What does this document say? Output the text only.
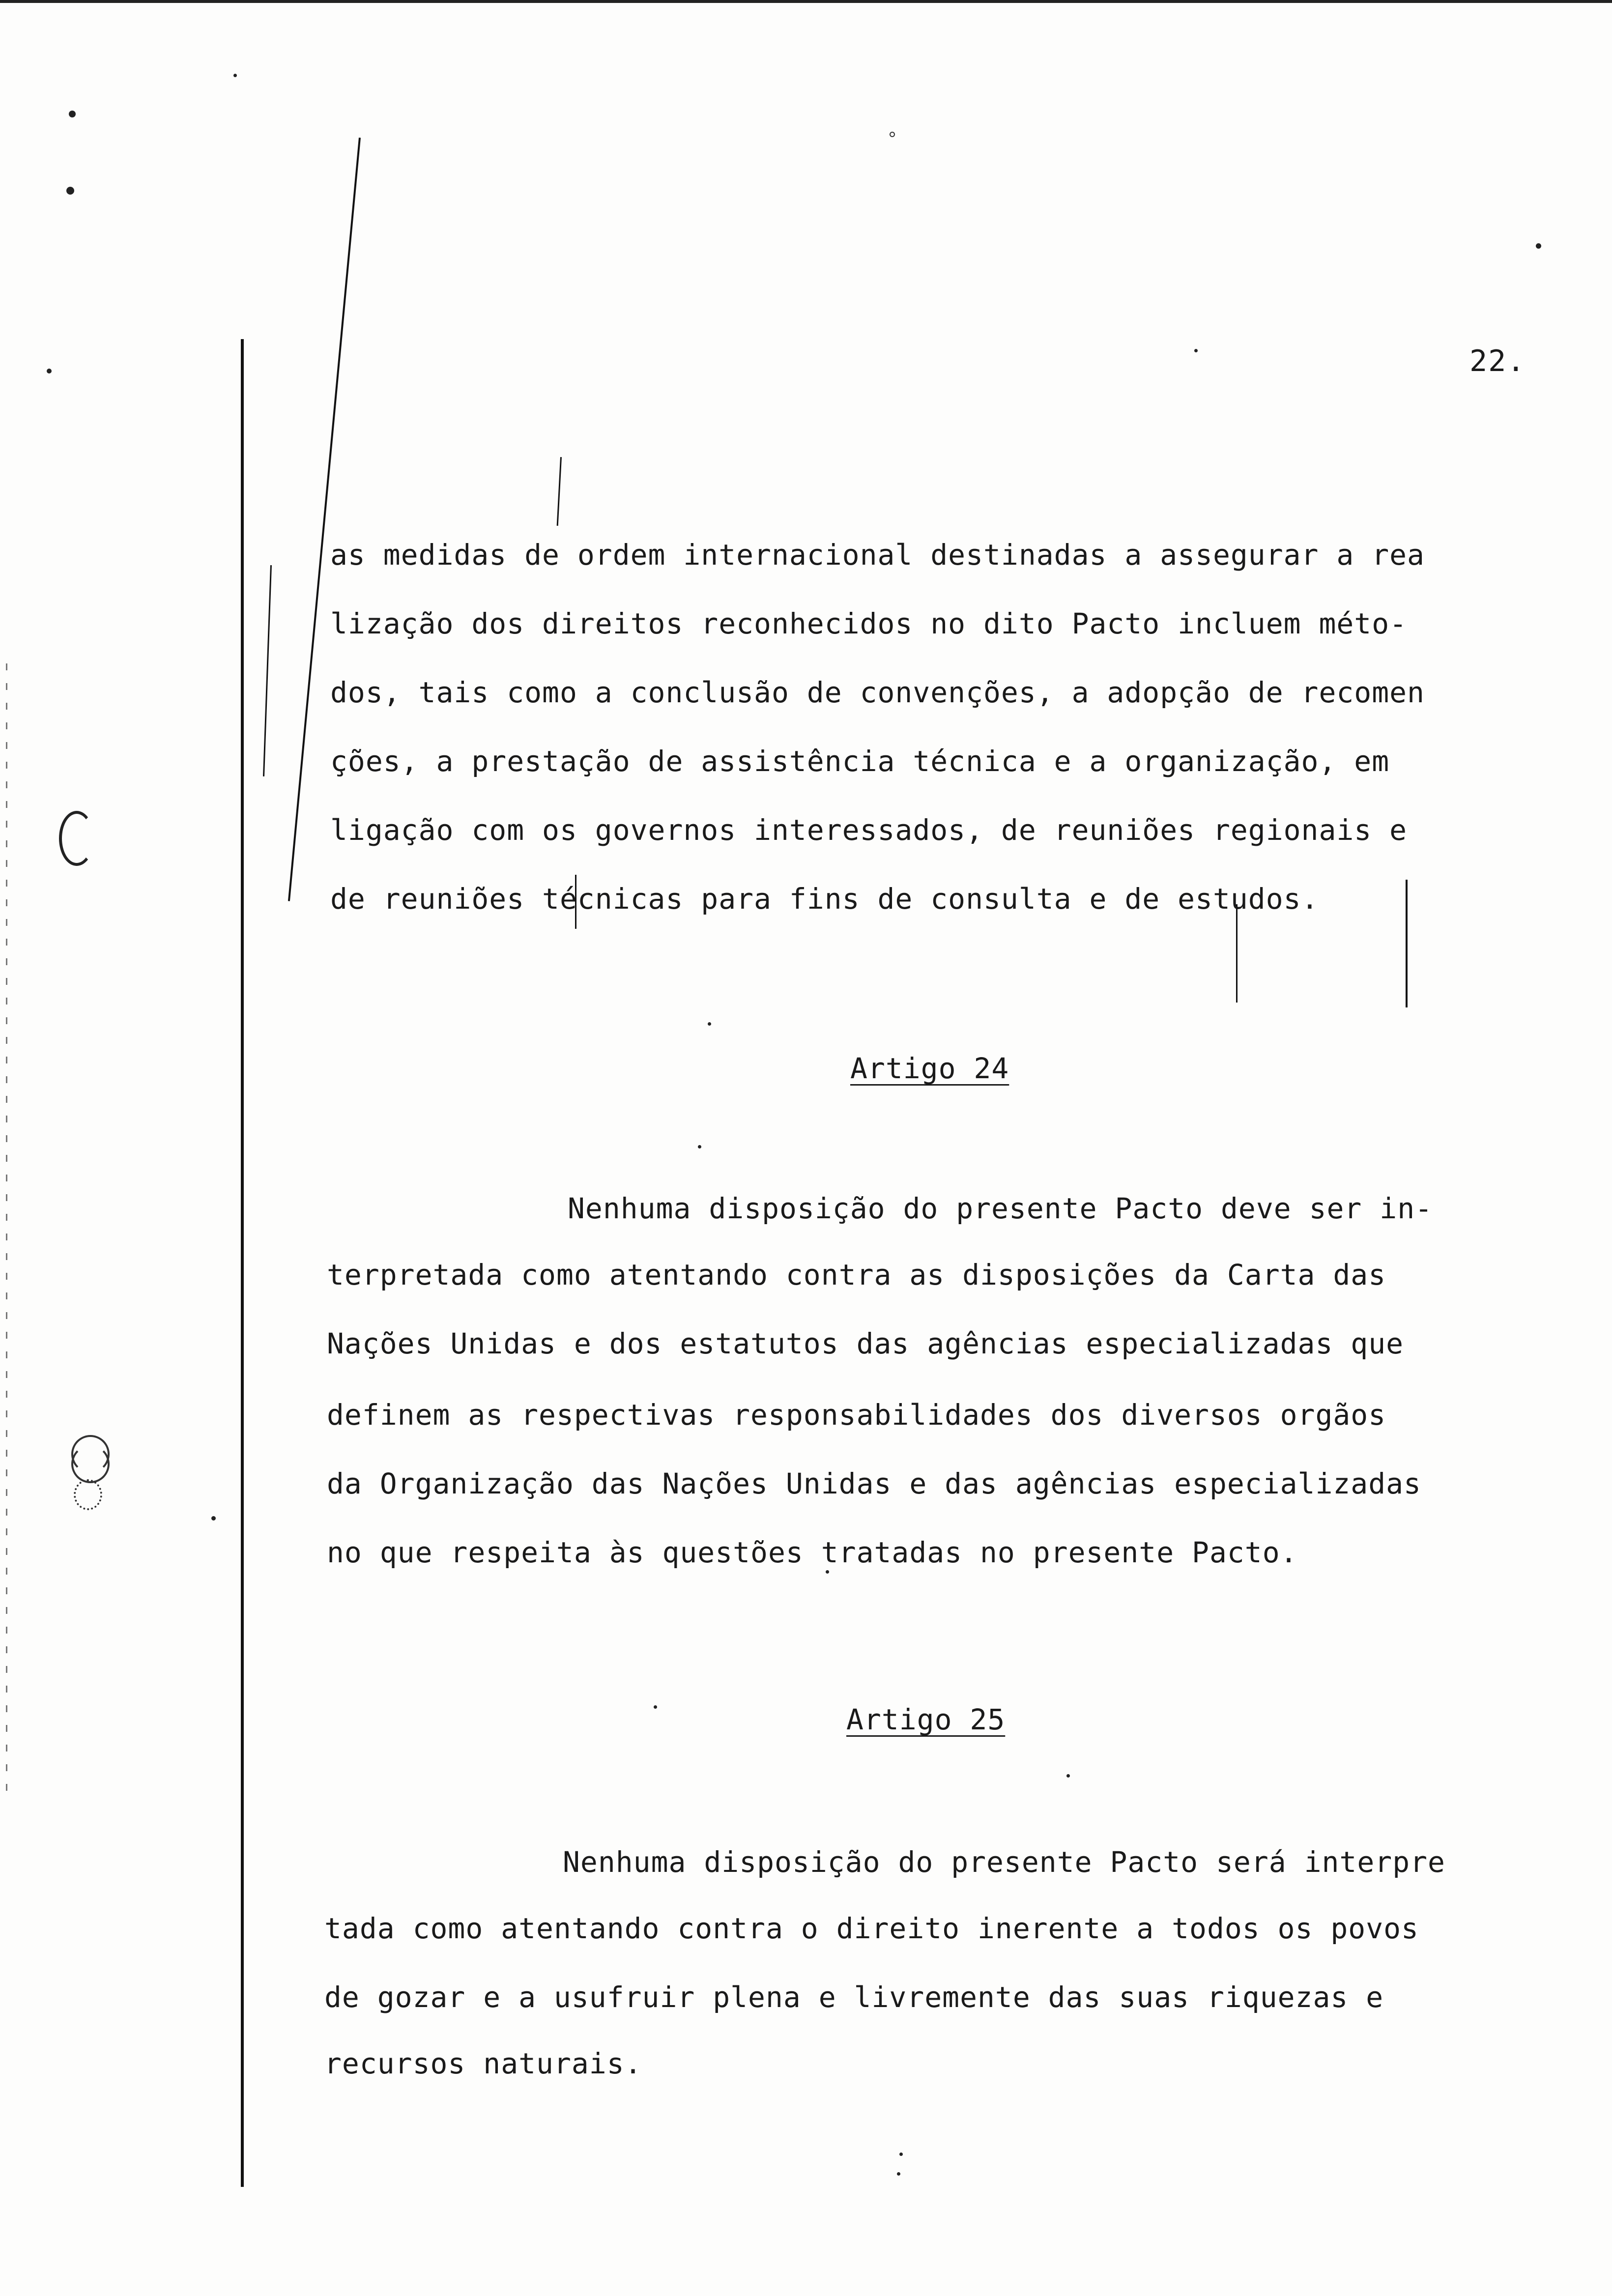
22.
as medidas de ordem internacional destinadas a assegurar a rea
lização dos direitos reconhecidos no dito Pacto incluem méto-
dos, tais como a conclusão de convenções, a adopção de recomen
ções, a prestação de assistência técnica e a organização, em
ligação com os governos interessados, de reuniões regionais e
de reuniões técnicas para fins de consulta e de estudos.
Artigo 24
Nenhuma disposição do presente Pacto deve ser in-
terpretada como atentando contra as disposições da Carta das
Nações Unidas e dos estatutos das agências especializadas que
definem as respectivas responsabilidades dos diversos orgãos
da Organização das Nações Unidas e das agências especializadas
no que respeita às questões tratadas no presente Pacto.
Artigo 25
Nenhuma disposição do presente Pacto será interpre
tada como atentando contra o direito inerente a todos os povos
de gozar e a usufruir plena e livremente das suas riquezas e
recursos naturais.
